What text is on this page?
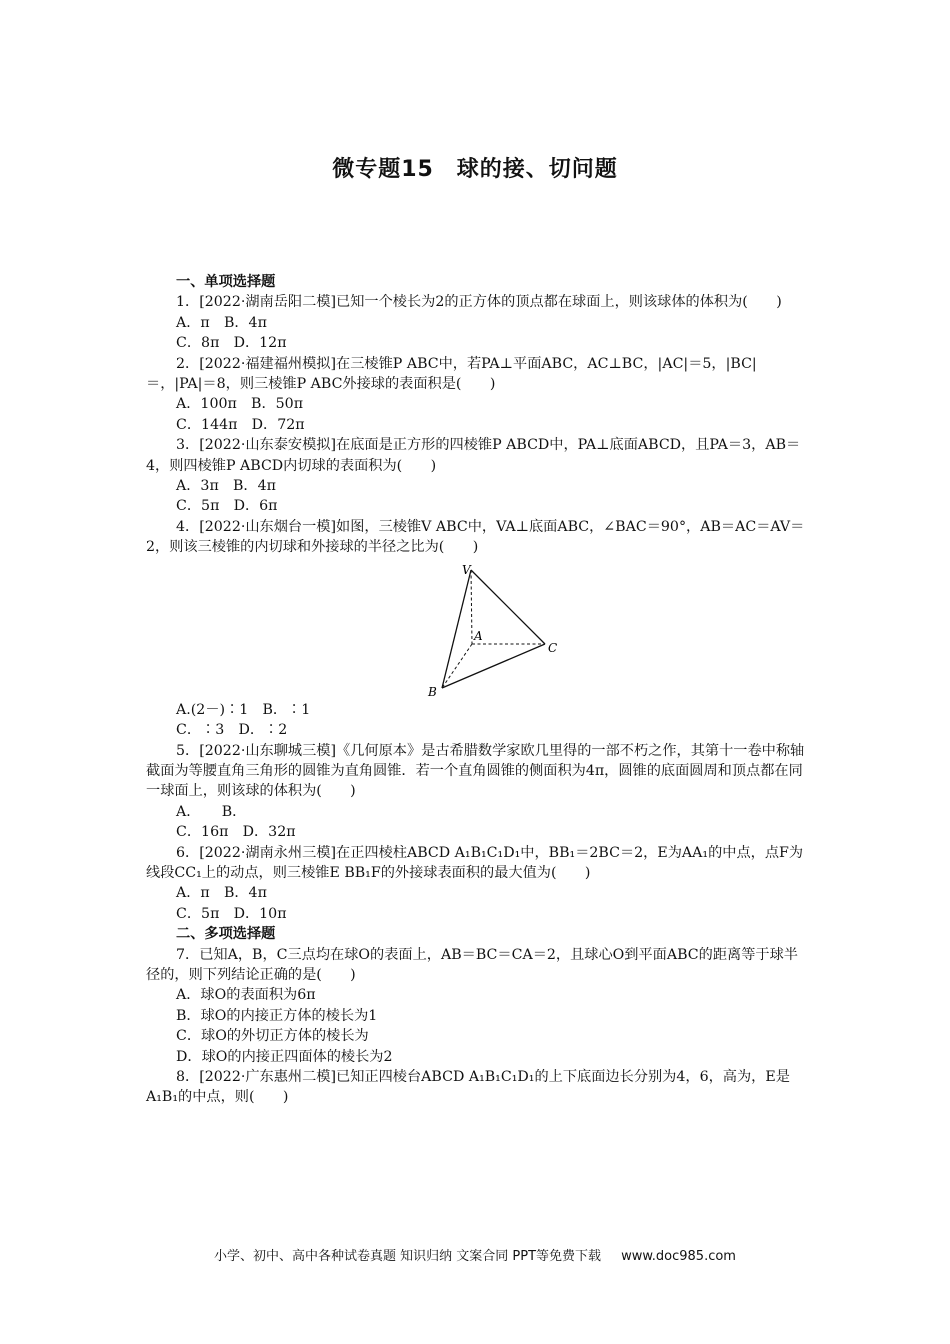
微专题15　球的接、切问题

一、单项选择题

1．[2022·湖南岳阳二模]已知一个棱长为2的正方体的顶点都在球面上，则该球体的体积为(　　)

A．π　B．4π

C．8π　D．12π

2．[2022·福建福州模拟]在三棱锥P ABC中，若PA⊥平面ABC，AC⊥BC，|AC|＝5，|BC|＝，|PA|＝8，则三棱锥P ABC外接球的表面积是(　　)

A．100π　B．50π

C．144π　D．72π

3．[2022·山东泰安模拟]在底面是正方形的四棱锥P ABCD中，PA⊥底面ABCD，且PA＝3，AB＝4，则四棱锥P ABCD内切球的表面积为(　　)

A．3π　B．4π

C．5π　D．6π

4．[2022·山东烟台一模]如图，三棱锥V ABC中，VA⊥底面ABC，∠BAC＝90°，AB＝AC＝AV＝2，则该三棱锥的内切球和外接球的半径之比为(　　)

V
A
C
B

A.(2－)∶1　B．∶1

C．∶3　D．∶2

5．[2022·山东聊城三模]《几何原本》是古希腊数学家欧几里得的一部不朽之作，其第十一卷中称轴截面为等腰直角三角形的圆锥为直角圆锥．若一个直角圆锥的侧面积为4π，圆锥的底面圆周和顶点都在同一球面上，则该球的体积为(　　)

A．　　B．

C．16π　D．32π

6．[2022·湖南永州三模]在正四棱柱ABCD A₁B₁C₁D₁中，BB₁＝2BC＝2，E为AA₁的中点，点F为线段CC₁上的动点，则三棱锥E BB₁F的外接球表面积的最大值为(　　)

A．π　B．4π

C．5π　D．10π

二、多项选择题

7．已知A，B，C三点均在球O的表面上，AB＝BC＝CA＝2，且球心O到平面ABC的距离等于球半径的，则下列结论正确的是(　　)

A．球O的表面积为6π

B．球O的内接正方体的棱长为1

C．球O的外切正方体的棱长为

D．球O的内接正四面体的棱长为2

8．[2022·广东惠州二模]已知正四棱台ABCD A₁B₁C₁D₁的上下底面边长分别为4，6，高为，E是A₁B₁的中点，则(　　)

小学、初中、高中各种试卷真题 知识归纳 文案合同 PPT等免费下载 www.doc985.com
